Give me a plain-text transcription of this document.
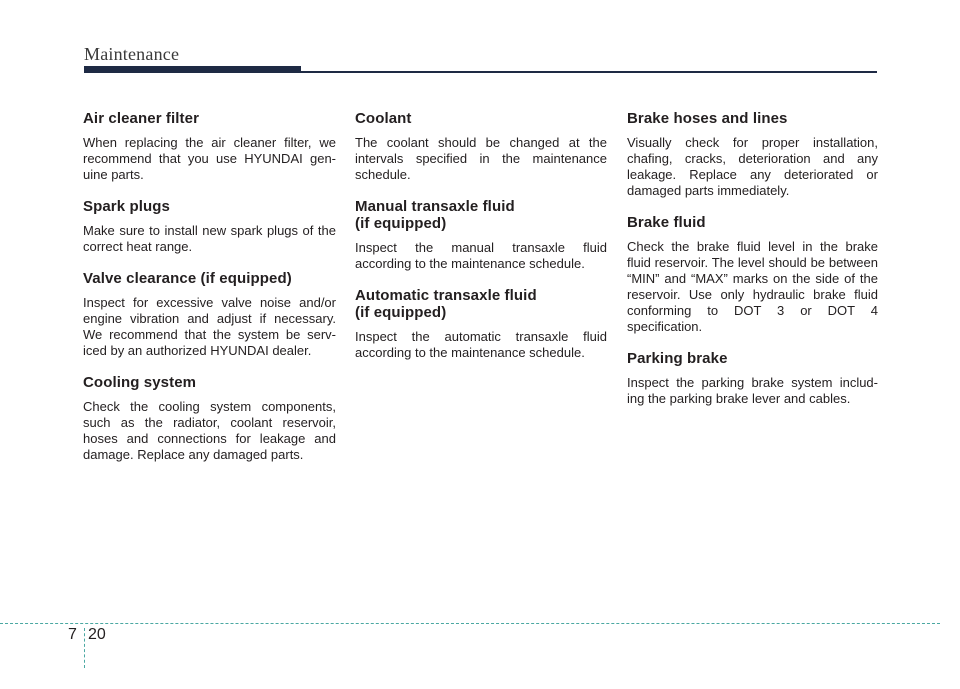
Maintenance
Air cleaner filter

When replacing the air cleaner filter, we recommend that you use HYUNDAI gen- uine parts.

Spark plugs

Make sure to install new spark plugs of the correct heat range.

Valve clearance (if equipped)

Inspect for excessive valve noise and/or engine vibration and adjust if necessary. We recommend that the system be serv- iced by an authorized HYUNDAI dealer.

Cooling system

Check the cooling system components, such as the radiator, coolant reservoir, hoses and connections for leakage and damage. Replace any damaged parts.

Coolant

The coolant should be changed at the intervals specified in the maintenance schedule.

Manual transaxle fluid
(if equipped)

Inspect the manual transaxle fluid according to the maintenance schedule.

Automatic transaxle fluid
(if equipped)

Inspect the automatic transaxle fluid according to the maintenance schedule.

Brake hoses and lines

Visually check for proper installation, chafing, cracks, deterioration and any leakage. Replace any deteriorated or damaged parts immediately.

Brake fluid

Check the brake fluid level in the brake fluid reservoir. The level should be between “MIN” and “MAX” marks on the side of the reservoir. Use only hydraulic brake fluid conforming to DOT 3 or DOT 4 specification.

Parking brake

Inspect the parking brake system includ- ing the parking brake lever and cables.

7 20
